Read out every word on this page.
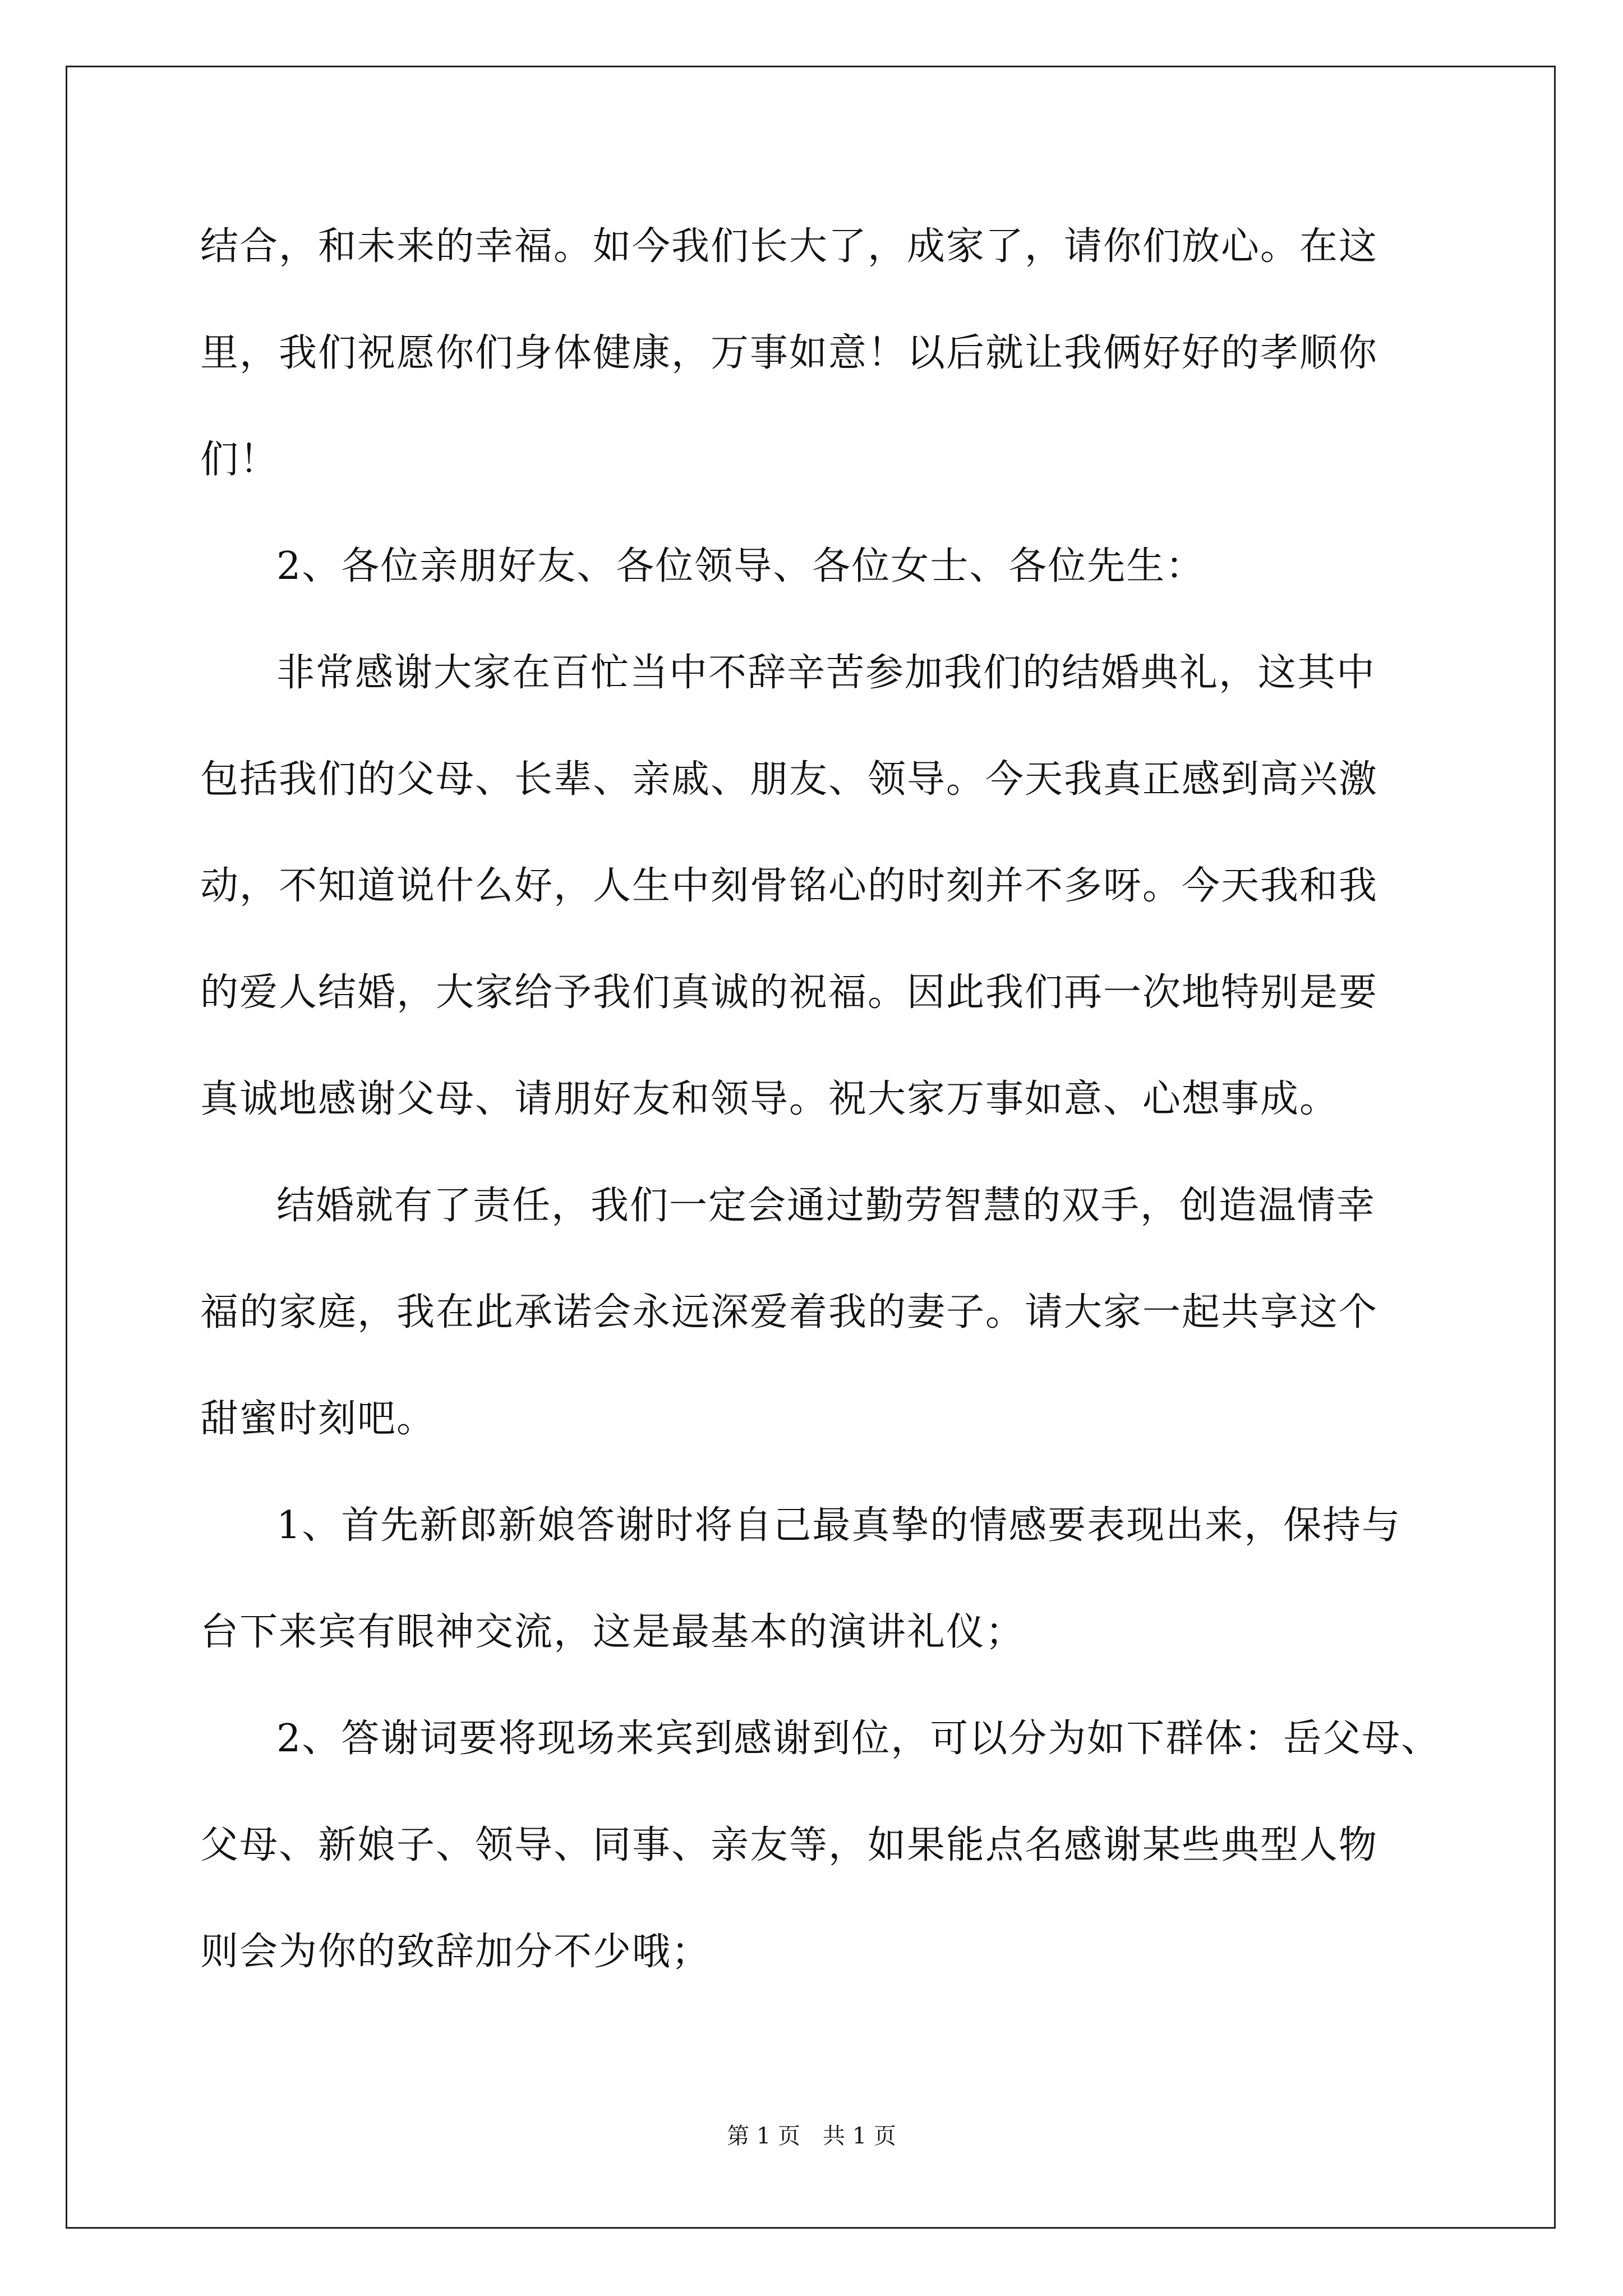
结合，和未来的幸福。如今我们长大了，成家了，请你们放心。在这
里，我们祝愿你们身体健康，万事如意！以后就让我俩好好的孝顺你
们！
2、各位亲朋好友、各位领导、各位女士、各位先生：
非常感谢大家在百忙当中不辞辛苦参加我们的结婚典礼，这其中
包括我们的父母、长辈、亲戚、朋友、领导。今天我真正感到高兴激
动，不知道说什么好，人生中刻骨铭心的时刻并不多呀。今天我和我
的爱人结婚，大家给予我们真诚的祝福。因此我们再一次地特别是要
真诚地感谢父母、请朋好友和领导。祝大家万事如意、心想事成。
结婚就有了责任，我们一定会通过勤劳智慧的双手，创造温情幸
福的家庭，我在此承诺会永远深爱着我的妻子。请大家一起共享这个
甜蜜时刻吧。
1、首先新郎新娘答谢时将自己最真挚的情感要表现出来，保持与
台下来宾有眼神交流，这是最基本的演讲礼仪；
2、答谢词要将现场来宾到感谢到位，可以分为如下群体：岳父母、
父母、新娘子、领导、同事、亲友等，如果能点名感谢某些典型人物
则会为你的致辞加分不少哦；
第 1 页　共 1 页
